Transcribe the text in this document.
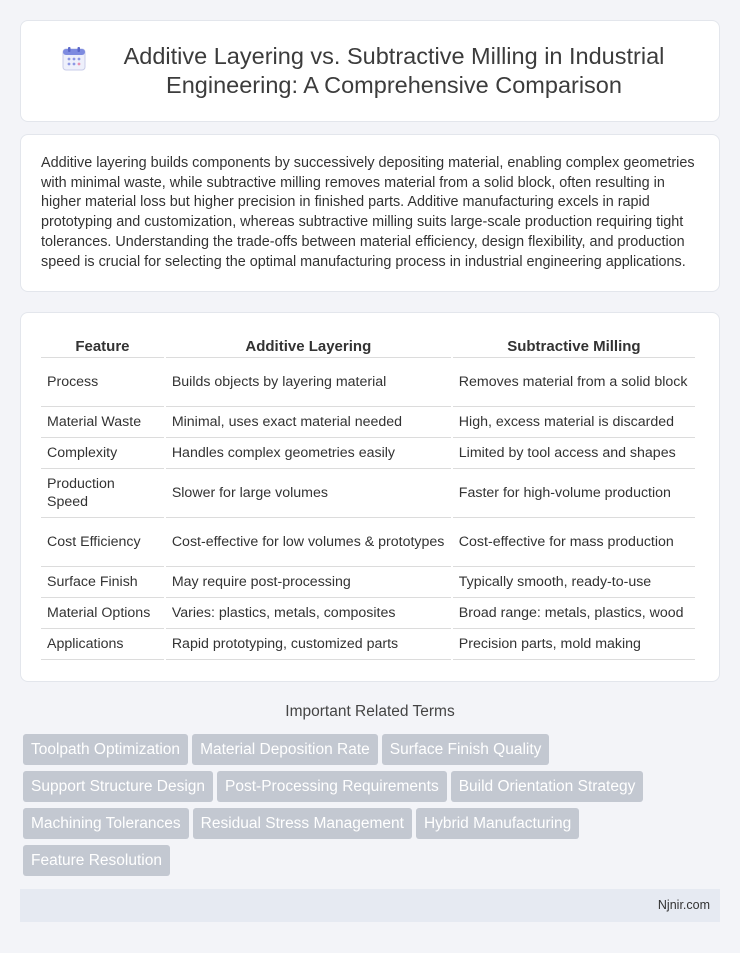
Additive Layering vs. Subtractive Milling in Industrial Engineering: A Comprehensive Comparison

Additive layering builds components by successively depositing material, enabling complex geometries with minimal waste, while subtractive milling removes material from a solid block, often resulting in higher material loss but higher precision in finished parts. Additive manufacturing excels in rapid prototyping and customization, whereas subtractive milling suits large-scale production requiring tight tolerances. Understanding the trade-offs between material efficiency, design flexibility, and production speed is crucial for selecting the optimal manufacturing process in industrial engineering applications.

Feature	Additive Layering	Subtractive Milling
Process	Builds objects by layering material	Removes material from a solid block
Material Waste	Minimal, uses exact material needed	High, excess material is discarded
Complexity	Handles complex geometries easily	Limited by tool access and shapes
Production Speed	Slower for large volumes	Faster for high-volume production
Cost Efficiency	Cost-effective for low volumes & prototypes	Cost-effective for mass production
Surface Finish	May require post-processing	Typically smooth, ready-to-use
Material Options	Varies: plastics, metals, composites	Broad range: metals, plastics, wood
Applications	Rapid prototyping, customized parts	Precision parts, mold making
Important Related Terms
Toolpath Optimization Material Deposition Rate Surface Finish Quality
Support Structure Design Post-Processing Requirements Build Orientation Strategy
Machining Tolerances Residual Stress Management Hybrid Manufacturing
Feature Resolution
Njnir.com
